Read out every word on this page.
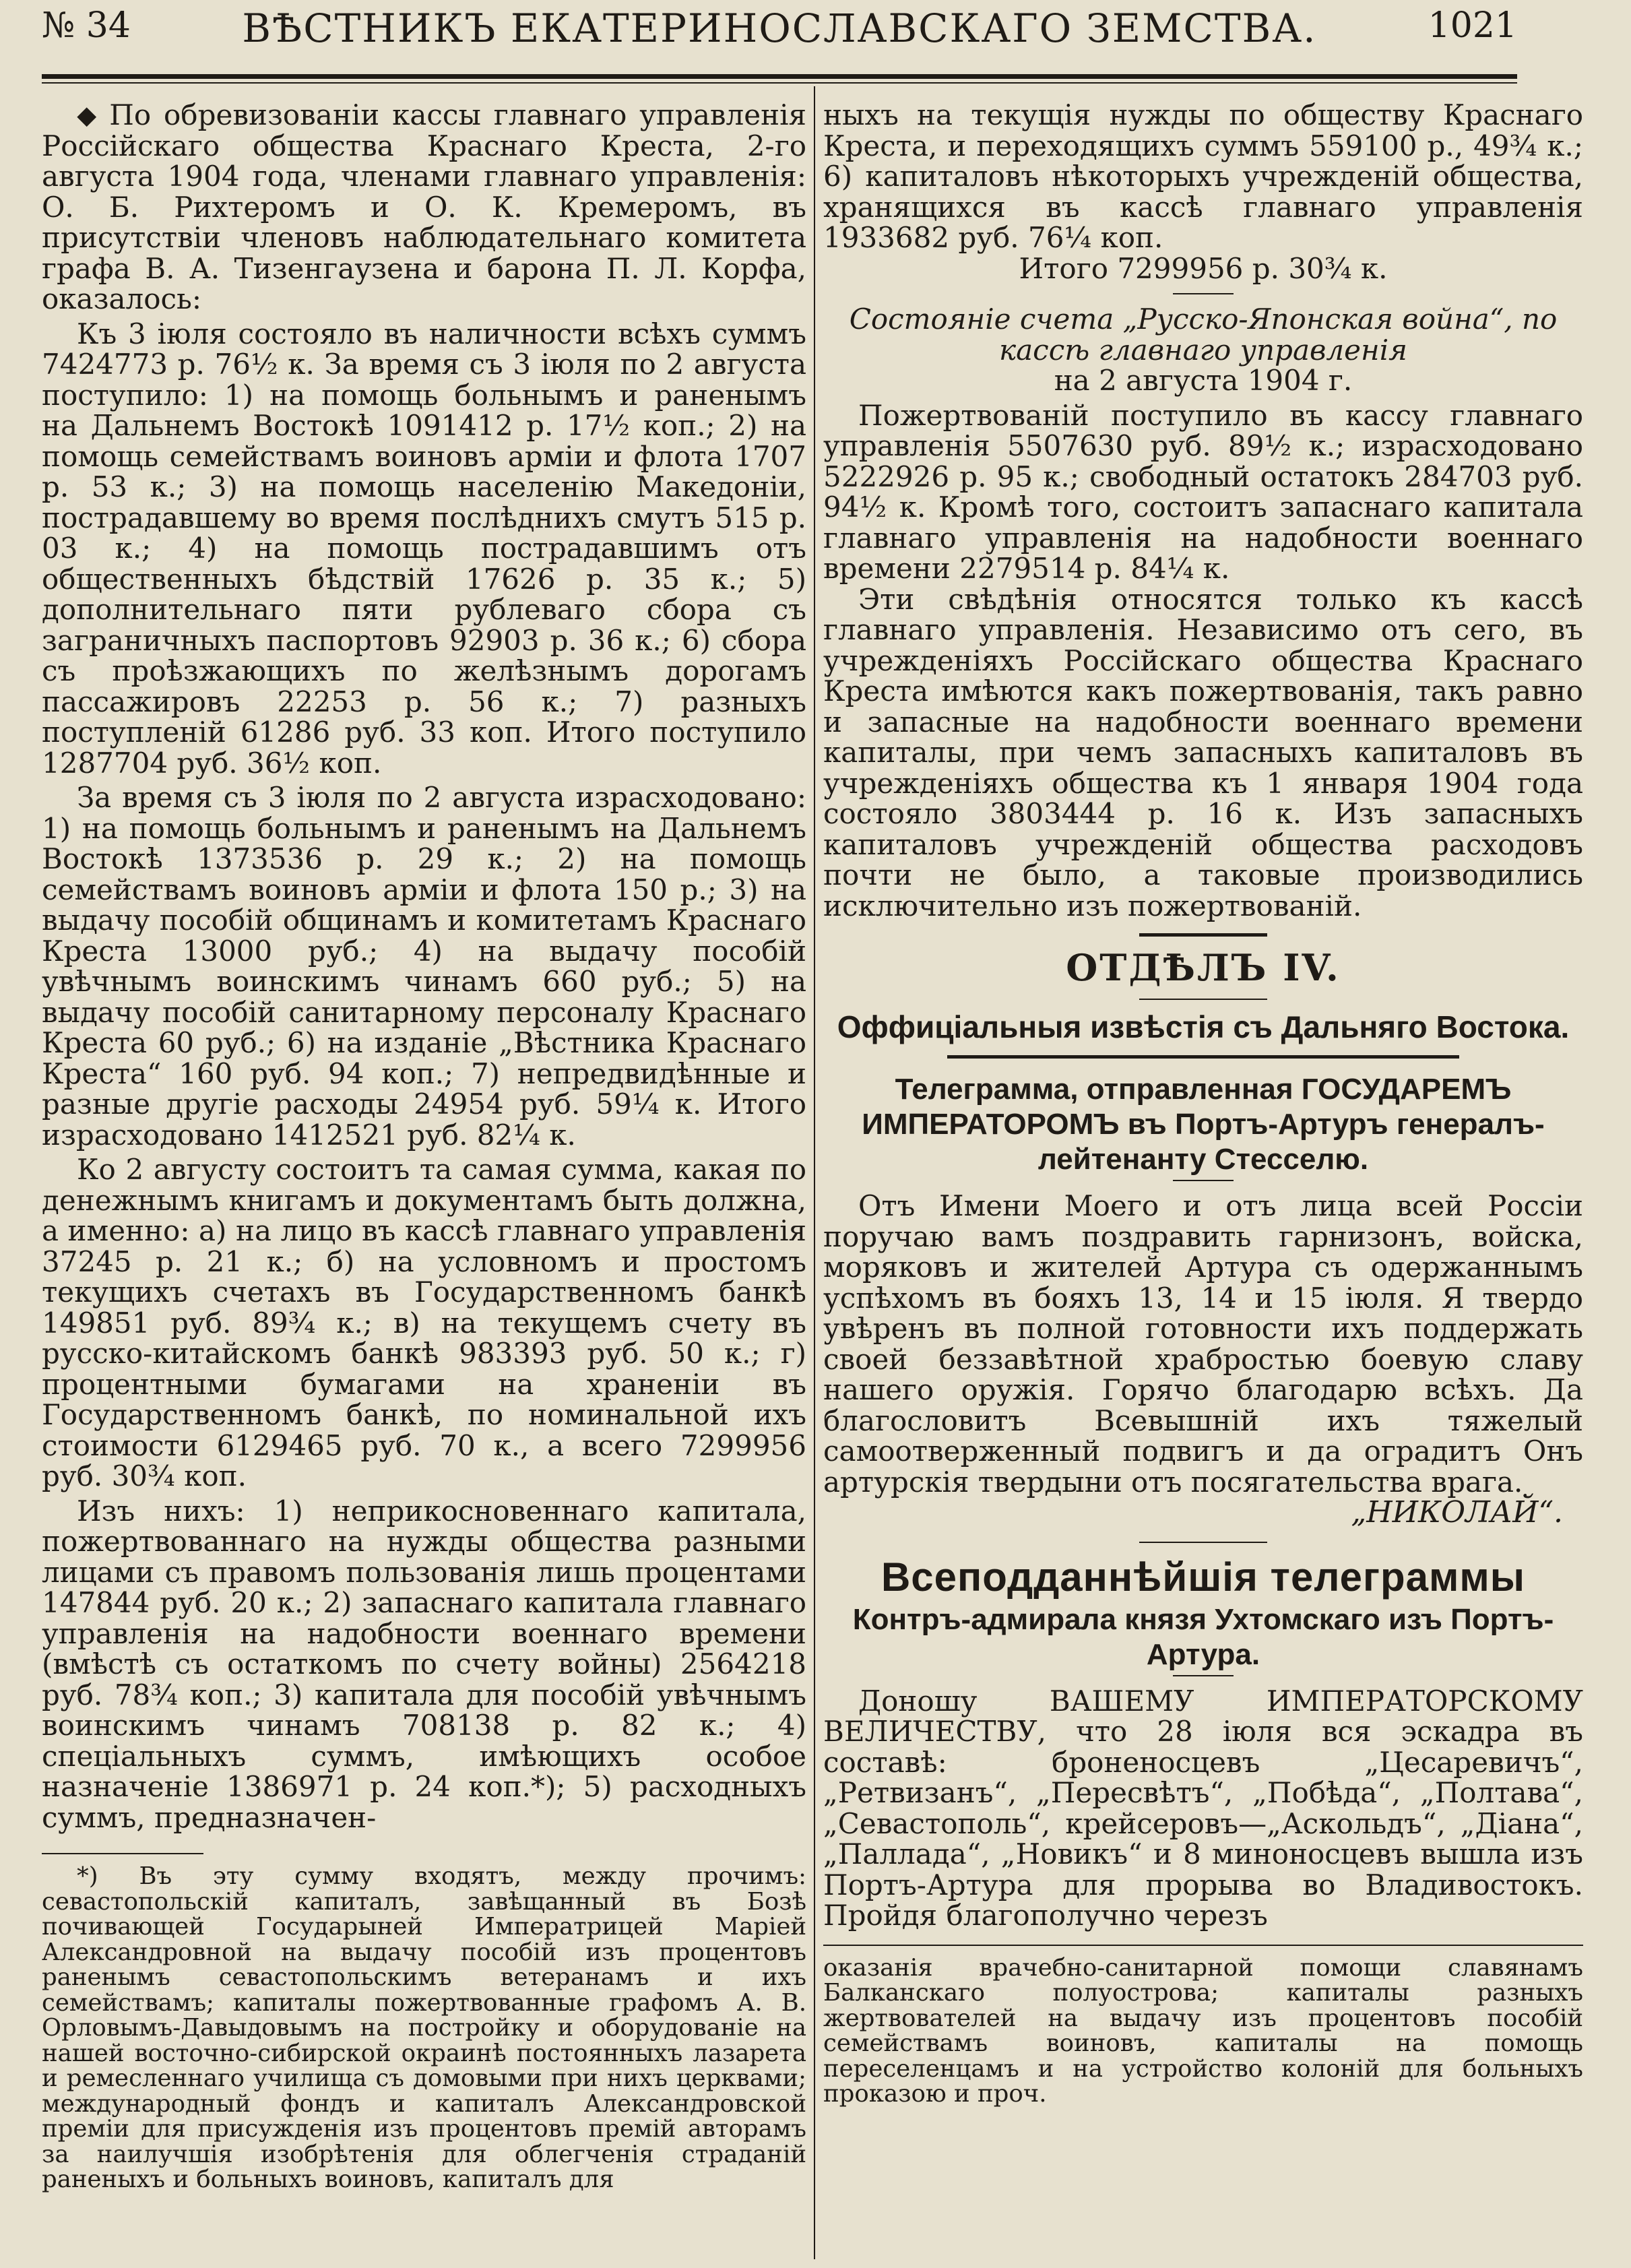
№ 34	ВѢСТНИКЪ ЕКАТЕРИНОСЛАВСКАГО ЗЕМСТВА.	1021

⬥ По обревизованіи кассы главнаго управленія Россійскаго общества Краснаго Креста, 2-го августа 1904 года, членами главнаго управленія: О. Б. Рихтеромъ и О. К. Кремеромъ, въ присутствіи членовъ наблюдательнаго комитета графа В. А. Тизенгаузена и барона П. Л. Корфа, оказалось:

Къ 3 іюля состояло въ наличности всѣхъ суммъ 7424773 р. 76½ к. За время съ 3 іюля по 2 августа поступило: 1) на помощь больнымъ и раненымъ на Дальнемъ Востокѣ 1091412 р. 17½ коп.; 2) на помощь семействамъ воиновъ арміи и флота 1707 р. 53 к.; 3) на помощь населенію Македоніи, пострадавшему во время послѣднихъ смутъ 515 р. 03 к.; 4) на помощь пострадавшимъ отъ общественныхъ бѣдствій 17626 р. 35 к.; 5) дополнительнаго пяти рублеваго сбора съ заграничныхъ паспортовъ 92903 р. 36 к.; 6) сбора съ проѣзжающихъ по желѣзнымъ дорогамъ пассажировъ 22253 р. 56 к.; 7) разныхъ поступленій 61286 руб. 33 коп. Итого поступило 1287704 руб. 36½ коп.

За время съ 3 іюля по 2 августа израсходовано: 1) на помощь больнымъ и раненымъ на Дальнемъ Востокѣ 1373536 р. 29 к.; 2) на помощь семействамъ воиновъ арміи и флота 150 р.; 3) на выдачу пособій общинамъ и комитетамъ Краснаго Креста 13000 руб.; 4) на выдачу пособій увѣчнымъ воинскимъ чинамъ 660 руб.; 5) на выдачу пособій санитарному персоналу Краснаго Креста 60 руб.; 6) на изданіе „Вѣстника Краснаго Креста“ 160 руб. 94 коп.; 7) непредвидѣнные и разные другіе расходы 24954 руб. 59¼ к. Итого израсходовано 1412521 руб. 82¼ к.

Ко 2 августу состоитъ та самая сумма, какая по денежнымъ книгамъ и документамъ быть должна, а именно: а) на лицо въ кассѣ главнаго управленія 37245 р. 21 к.; б) на условномъ и простомъ текущихъ счетахъ въ Государственномъ банкѣ 149851 руб. 89¾ к.; в) на текущемъ счету въ русско-китайскомъ банкѣ 983393 руб. 50 к.; г) процентными бумагами на храненіи въ Государственномъ банкѣ, по номинальной ихъ стоимости 6129465 руб. 70 к., а всего 7299956 руб. 30¾ коп.

Изъ нихъ: 1) неприкосновеннаго капитала, пожертвованнаго на нужды общества разными лицами съ правомъ пользованія лишь процентами 147844 руб. 20 к.; 2) запаснаго капитала главнаго управленія на надобности военнаго времени (вмѣстѣ съ остаткомъ по счету войны) 2564218 руб. 78¾ коп.; 3) капитала для пособій увѣчнымъ воинскимъ чинамъ 708138 р. 82 к.; 4) спеціальныхъ суммъ, имѣющихъ особое назначеніе 1386971 р. 24 коп.*); 5) расходныхъ суммъ, предназначен-

*) Въ эту сумму входятъ, между прочимъ: севастопольскій капиталъ, завѣщанный въ Бозѣ почивающей Государыней Императрицей Маріей Александровной на выдачу пособій изъ процентовъ раненымъ севастопольскимъ ветеранамъ и ихъ семействамъ; капиталы пожертвованные графомъ А. В. Орловымъ-Давыдовымъ на постройку и оборудованіе на нашей восточно-сибирской окраинѣ постоянныхъ лазарета и ремесленнаго училища съ домовыми при нихъ церквами; международный фондъ и капиталъ Александровской преміи для присужденія изъ процентовъ премій авторамъ за наилучшія изобрѣтенія для облегченія страданій раненыхъ и больныхъ воиновъ, капиталъ для

ныхъ на текущія нужды по обществу Краснаго Креста, и переходящихъ суммъ 559100 р., 49¾ к.; 6) капиталовъ нѣкоторыхъ учрежденій общества, хранящихся въ кассѣ главнаго управленія 1933682 руб. 76¼ коп.

Итого 7299956 р. 30¾ к.

Состояніе счета „Русско-Японская война“, по кассѣ главнаго управленія

на 2 августа 1904 г.

Пожертвованій поступило въ кассу главнаго управленія 5507630 руб. 89½ к.; израсходовано 5222926 р. 95 к.; свободный остатокъ 284703 руб. 94½ к. Кромѣ того, состоитъ запаснаго капитала главнаго управленія на надобности военнаго времени 2279514 р. 84¼ к.

Эти свѣдѣнія относятся только къ кассѣ главнаго управленія. Независимо отъ сего, въ учрежденіяхъ Россійскаго общества Краснаго Креста имѣются какъ пожертвованія, такъ равно и запасные на надобности военнаго времени капиталы, при чемъ запасныхъ капиталовъ въ учрежденіяхъ общества къ 1 января 1904 года состояло 3803444 р. 16 к. Изъ запасныхъ капиталовъ учрежденій общества расходовъ почти не было, а таковые производились исключительно изъ пожертвованій.

ОТДѢЛЪ IV.

Оффиціальныя извѣстія съ Дальняго Востока.

Телеграмма, отправленная ГОСУДАРЕМЪ ИМПЕРАТОРОМЪ въ Портъ-Артуръ генералъ-лейтенанту Стесселю.

Отъ Имени Моего и отъ лица всей Россіи поручаю вамъ поздравить гарнизонъ, войска, моряковъ и жителей Артура съ одержаннымъ успѣхомъ въ бояхъ 13, 14 и 15 іюля. Я твердо увѣренъ въ полной готовности ихъ поддержать своей беззавѣтной храбростью боевую славу нашего оружія. Горячо благодарю всѣхъ. Да благословитъ Всевышній ихъ тяжелый самоотверженный подвигъ и да оградитъ Онъ артурскія твердыни отъ посягательства врага.

„НИКОЛАЙ“.

Всеподданнѣйшія телеграммы

Контръ-адмирала князя Ухтомскаго изъ Портъ-Артура.

Доношу ВАШЕМУ ИМПЕРАТОРСКОМУ ВЕЛИЧЕСТВУ, что 28 іюля вся эскадра въ составѣ: броненосцевъ „Цесаревичъ“, „Ретвизанъ“, „Пересвѣтъ“, „Побѣда“, „Полтава“, „Севастополь“, крейсеровъ—„Аскольдъ“, „Діана“, „Паллада“, „Новикъ“ и 8 миноносцевъ вышла изъ Портъ-Артура для прорыва во Владивостокъ. Пройдя благополучно черезъ

оказанія врачебно-санитарной помощи славянамъ Балканскаго полуострова; капиталы разныхъ жертвователей на выдачу изъ процентовъ пособій семействамъ воиновъ, капиталы на помощь переселенцамъ и на устройство колоній для больныхъ проказою и проч.
